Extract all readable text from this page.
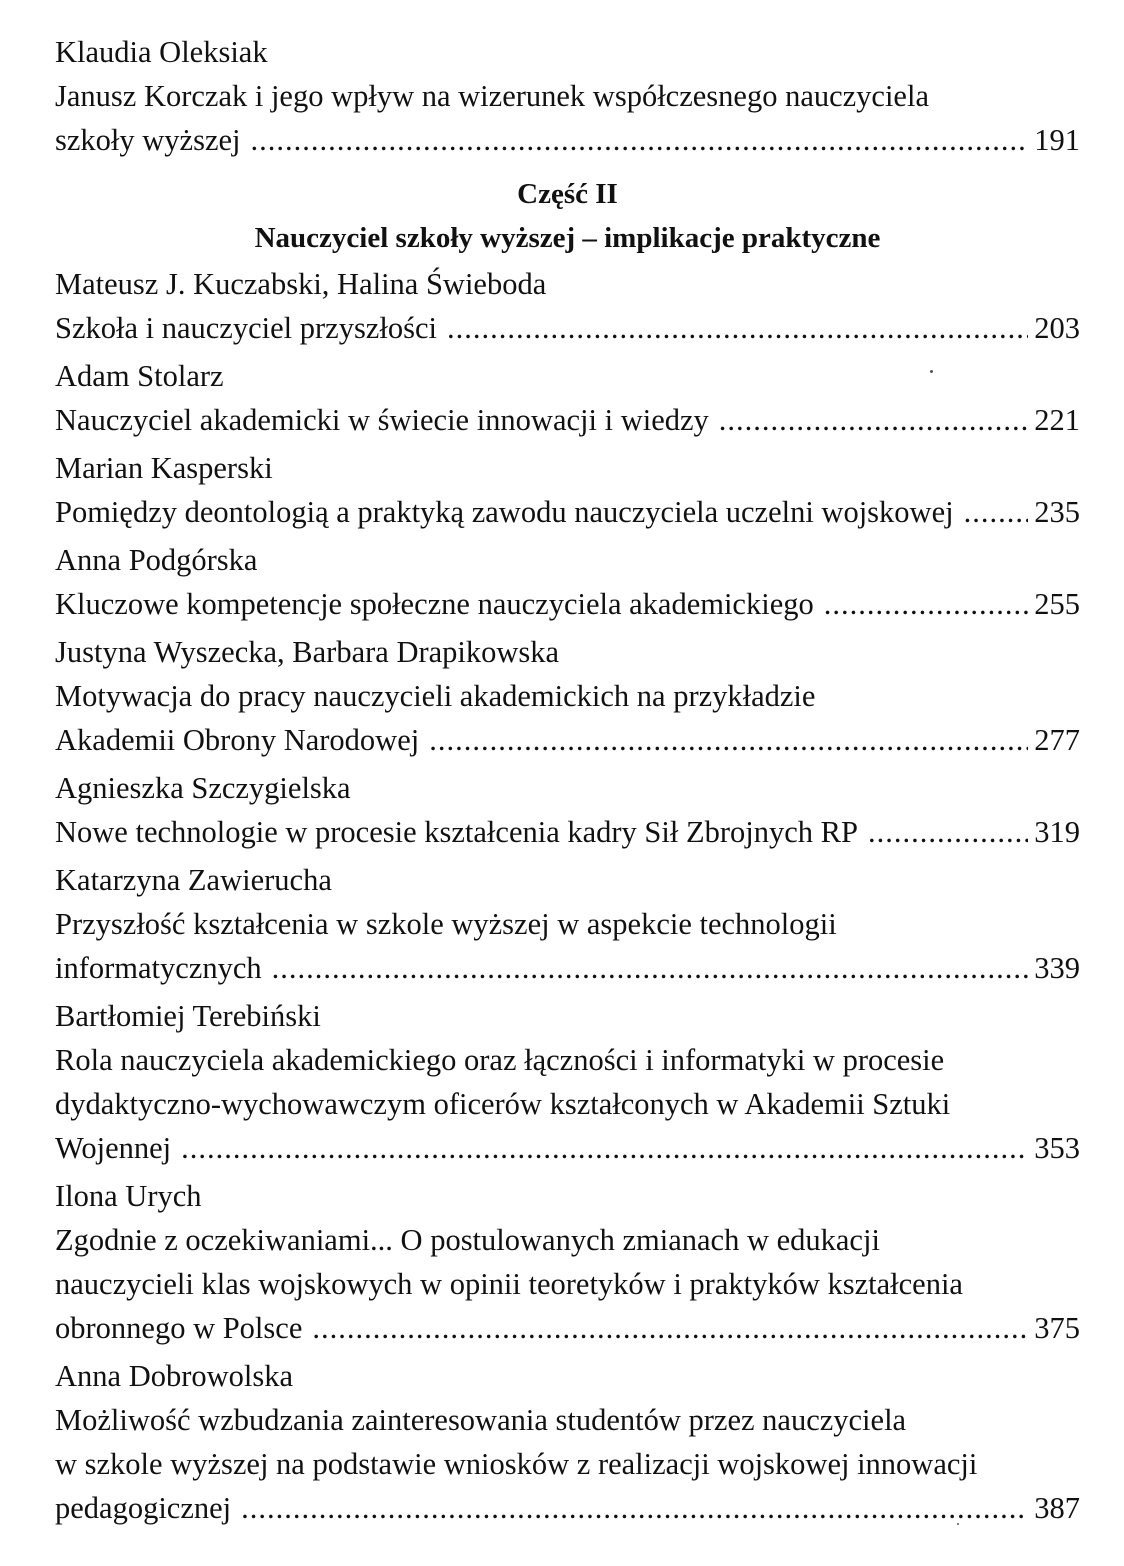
Klaudia Oleksiak
Janusz Korczak i jego wpływ na wizerunek współczesnego nauczyciela
szkoły wyższej .....	191
Część II
Nauczyciel szkoły wyższej – implikacje praktyczne
Mateusz J. Kuczabski, Halina Świeboda
Szkoła i nauczyciel przyszłości .....	203
Adam Stolarz
Nauczyciel akademicki w świecie innowacji i wiedzy .....	221
Marian Kasperski
Pomiędzy deontologią a praktyką zawodu nauczyciela uczelni wojskowej .....	235
Anna Podgórska
Kluczowe kompetencje społeczne nauczyciela akademickiego .....	255
Justyna Wyszecka, Barbara Drapikowska
Motywacja do pracy nauczycieli akademickich na przykładzie
Akademii Obrony Narodowej .....	277
Agnieszka Szczygielska
Nowe technologie w procesie kształcenia kadry Sił Zbrojnych RP .....	319
Katarzyna Zawierucha
Przyszłość kształcenia w szkole wyższej w aspekcie technologii
informatycznych .....	339
Bartłomiej Terebiński
Rola nauczyciela akademickiego oraz łączności i informatyki w procesie
dydaktyczno-wychowawczym oficerów kształconych w Akademii Sztuki
Wojennej .....	353
Ilona Urych
Zgodnie z oczekiwaniami... O postulowanych zmianach w edukacji
nauczycieli klas wojskowych w opinii teoretyków i praktyków kształcenia
obronnego w Polsce .....	375
Anna Dobrowolska
Możliwość wzbudzania zainteresowania studentów przez nauczyciela
w szkole wyższej na podstawie wniosków z realizacji wojskowej innowacji
pedagogicznej .....	387
